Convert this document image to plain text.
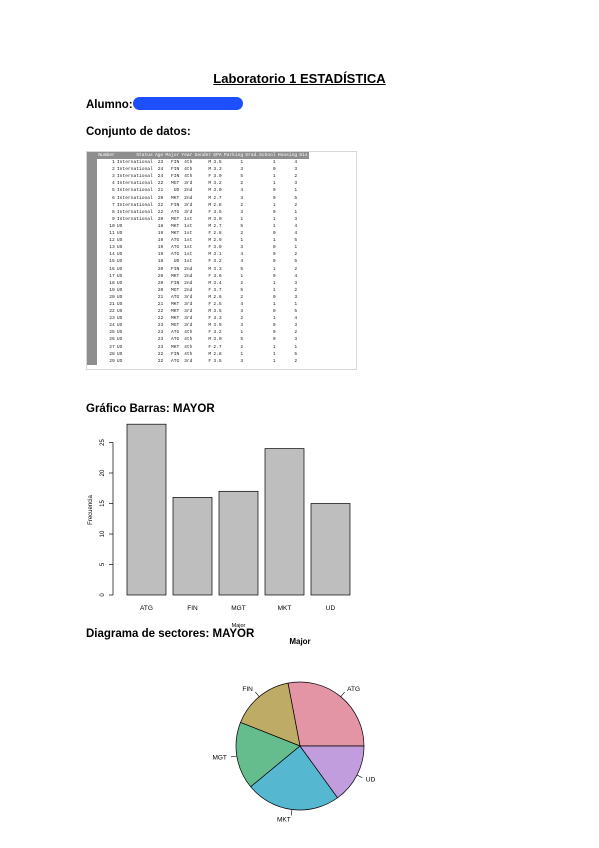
Laboratorio 1 ESTADÍSTICA
Alumno:
Conjunto de datos:
	Number	Status	Age	Major	Year	Gender	GPA	Parking	Grad.School	Housing	Dis
	1	International	23	FIN	4th	M	3.5	1	1	4	
	2	International	24	FIN	4th	M	3.3	3	0	3	
	3	International	24	FIN	4th	F	3.0	5	1	2	
	4	International	22	MGT	3rd	M	3.2	2	1	3	
	5	International	21	UD	2nd	M	3.0	4	0	1	
	6	International	20	MKT	2nd	M	2.7	3	0	5	
	7	International	22	FIN	3rd	M	2.8	2	1	2	
	8	International	22	ATG	3rd	F	3.5	3	0	1	
	9	International	20	MGT	1st	M	3.0	1	1	3	
	10	US	18	MKT	1st	M	2.7	5	1	4	
	11	US	19	MKT	1st	F	2.8	2	0	4	
	12	US	19	ATG	1st	M	2.9	1	1	5	
	13	US	19	ATG	1st	F	3.0	3	0	1	
	14	US	19	ATG	1st	M	3.1	4	0	2	
	15	US	18	UD	1st	F	3.2	4	0	5	
	16	US	20	FIN	2nd	M	3.3	5	1	2	
	17	US	20	MKT	2nd	F	3.6	1	0	4	
	18	US	20	FIN	2nd	M	3.4	2	1	3	
	19	US	20	MGT	2nd	F	3.7	5	1	2	
	20	US	21	ATG	3rd	M	2.6	2	0	3	
	21	US	21	MKT	3rd	F	2.5	4	1	1	
	22	US	22	MKT	3rd	M	3.5	3	0	5	
	23	US	22	MKT	3rd	F	3.3	2	1	4	
	24	US	23	MGT	3rd	M	3.9	3	0	3	
	25	US	23	ATG	4th	F	3.2	1	0	2	
	26	US	23	ATG	4th	M	3.0	5	0	3	
	27	US	23	MKT	4th	F	2.7	2	1	1	
	28	US	22	FIN	4th	M	2.8	1	1	5	
	29	US	22	ATG	3rd	F	3.5	3	1	2	
Gráfico Barras: MAYOR
0
5
10
15
20
25
Frecuencia
ATG	FIN	MGT	MKT	UD
Major
Diagrama de sectores: MAYOR
Major
ATG
FIN
MGT
MKT
UD
